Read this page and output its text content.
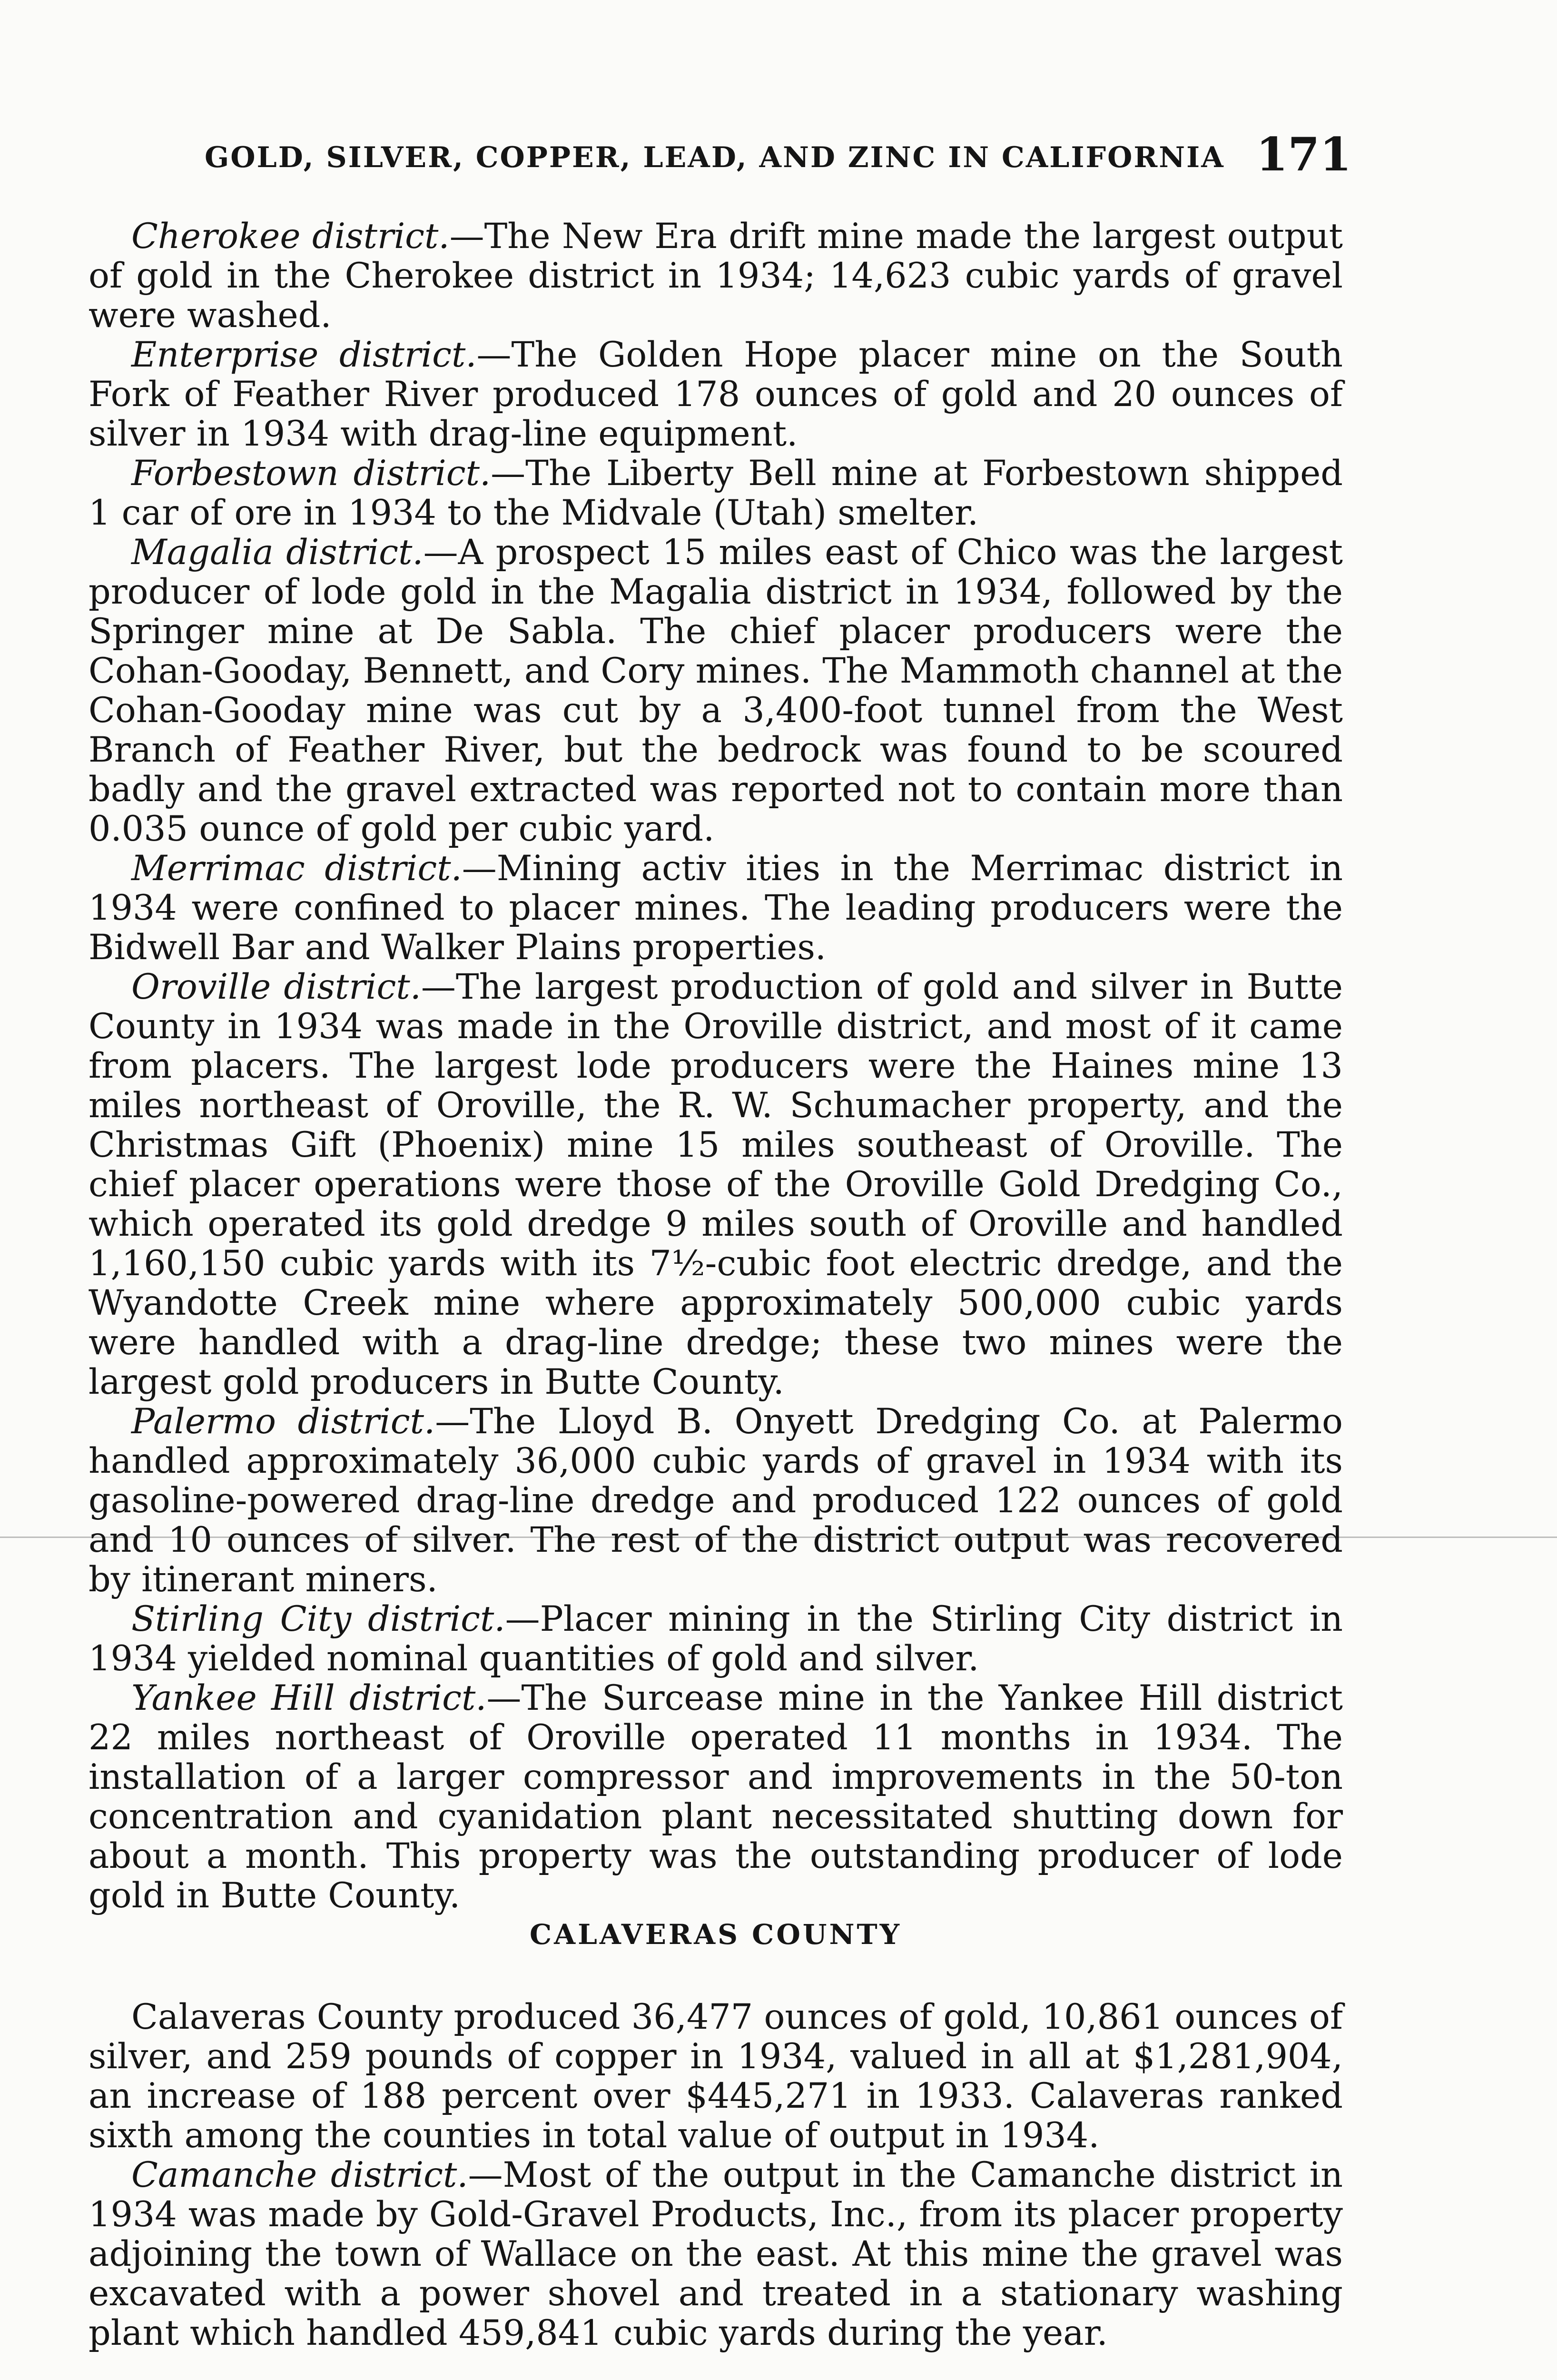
GOLD, SILVER, COPPER, LEAD, AND ZINC IN CALIFORNIA 171

Cherokee district.—The New Era drift mine made the largest output of gold in the Cherokee district in 1934; 14,623 cubic yards of gravel were washed.

Enterprise district.—The Golden Hope placer mine on the South Fork of Feather River produced 178 ounces of gold and 20 ounces of silver in 1934 with drag-line equipment.

Forbestown district.—The Liberty Bell mine at Forbestown shipped 1 car of ore in 1934 to the Midvale (Utah) smelter.

Magalia district.—A prospect 15 miles east of Chico was the largest producer of lode gold in the Magalia district in 1934, followed by the Springer mine at De Sabla. The chief placer producers were the Cohan-Gooday, Bennett, and Cory mines. The Mammoth channel at the Cohan-Gooday mine was cut by a 3,400-foot tunnel from the West Branch of Feather River, but the bedrock was found to be scoured badly and the gravel extracted was reported not to contain more than 0.035 ounce of gold per cubic yard.

Merrimac district.—Mining activ ities in the Merrimac district in 1934 were confined to placer mines. The leading producers were the Bidwell Bar and Walker Plains properties.

Oroville district.—The largest production of gold and silver in Butte County in 1934 was made in the Oroville district, and most of it came from placers. The largest lode producers were the Haines mine 13 miles northeast of Oroville, the R. W. Schumacher property, and the Christmas Gift (Phoenix) mine 15 miles southeast of Oroville. The chief placer operations were those of the Oroville Gold Dredging Co., which operated its gold dredge 9 miles south of Oroville and handled 1,160,150 cubic yards with its 7½-cubic foot electric dredge, and the Wyandotte Creek mine where approximately 500,000 cubic yards were handled with a drag-line dredge; these two mines were the largest gold producers in Butte County.

Palermo district.—The Lloyd B. Onyett Dredging Co. at Palermo handled approximately 36,000 cubic yards of gravel in 1934 with its gasoline-powered drag-line dredge and produced 122 ounces of gold and 10 ounces of silver. The rest of the district output was recovered by itinerant miners.

Stirling City district.—Placer mining in the Stirling City district in 1934 yielded nominal quantities of gold and silver.

Yankee Hill district.—The Surcease mine in the Yankee Hill district 22 miles northeast of Oroville operated 11 months in 1934. The installation of a larger compressor and improvements in the 50-ton concentration and cyanidation plant necessitated shutting down for about a month. This property was the outstanding producer of lode gold in Butte County.

CALAVERAS COUNTY

Calaveras County produced 36,477 ounces of gold, 10,861 ounces of silver, and 259 pounds of copper in 1934, valued in all at $1,281,904, an increase of 188 percent over $445,271 in 1933. Calaveras ranked sixth among the counties in total value of output in 1934.

Camanche district.—Most of the output in the Camanche district in 1934 was made by Gold-Gravel Products, Inc., from its placer property adjoining the town of Wallace on the east. At this mine the gravel was excavated with a power shovel and treated in a stationary washing plant which handled 459,841 cubic yards during the year.
